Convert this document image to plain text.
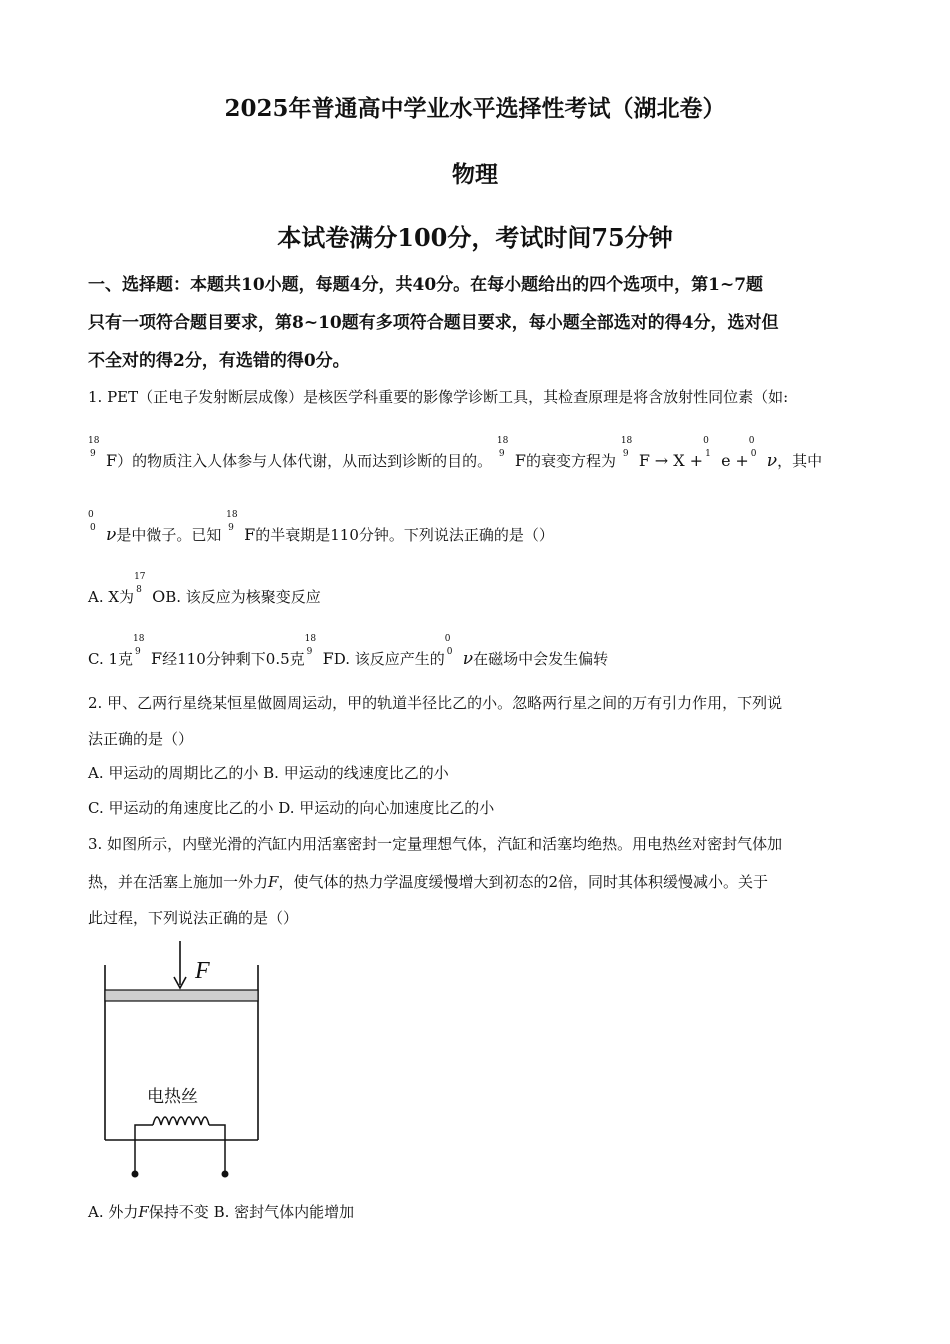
2025年普通高中学业水平选择性考试（湖北卷）
物理
本试卷满分100分，考试时间75分钟
一、选择题：本题共10小题，每题4分，共40分。在每小题给出的四个选项中，第1~7题
只有一项符合题目要求，第8~10题有多项符合题目要求，每小题全部选对的得4分，选对但
不全对的得2分，有选错的得0分。
1. PET（正电子发射断层成像）是核医学科重要的影像学诊断工具，其检查原理是将含放射性同位素（如:
18
9 F）的物质注入人体参与人体代谢，从而达到诊断的目的。
18
9 F的衰变方程为
18
9 F → X +
0
1 e +
0
0 ν，其中
0
0 ν是中微子。已知
18
9 F的半衰期是110分钟。下列说法正确的是（）
A. X为
17
8 OB. 该反应为核聚变反应
C. 1克
18
9 F经110分钟剩下0.5克
18
9 FD. 该反应产生的
0
0 ν在磁场中会发生偏转
2. 甲、乙两行星绕某恒星做圆周运动，甲的轨道半径比乙的小。忽略两行星之间的万有引力作用，下列说
法正确的是（）
A. 甲运动的周期比乙的小 B. 甲运动的线速度比乙的小
C. 甲运动的角速度比乙的小 D. 甲运动的向心加速度比乙的小
3. 如图所示，内壁光滑的汽缸内用活塞密封一定量理想气体，汽缸和活塞均绝热。用电热丝对密封气体加
热，并在活塞上施加一外力F，使气体的热力学温度缓慢增大到初态的2倍，同时其体积缓慢减小。关于
此过程，下列说法正确的是（）
F
电热丝
A. 外力F保持不变 B. 密封气体内能增加
